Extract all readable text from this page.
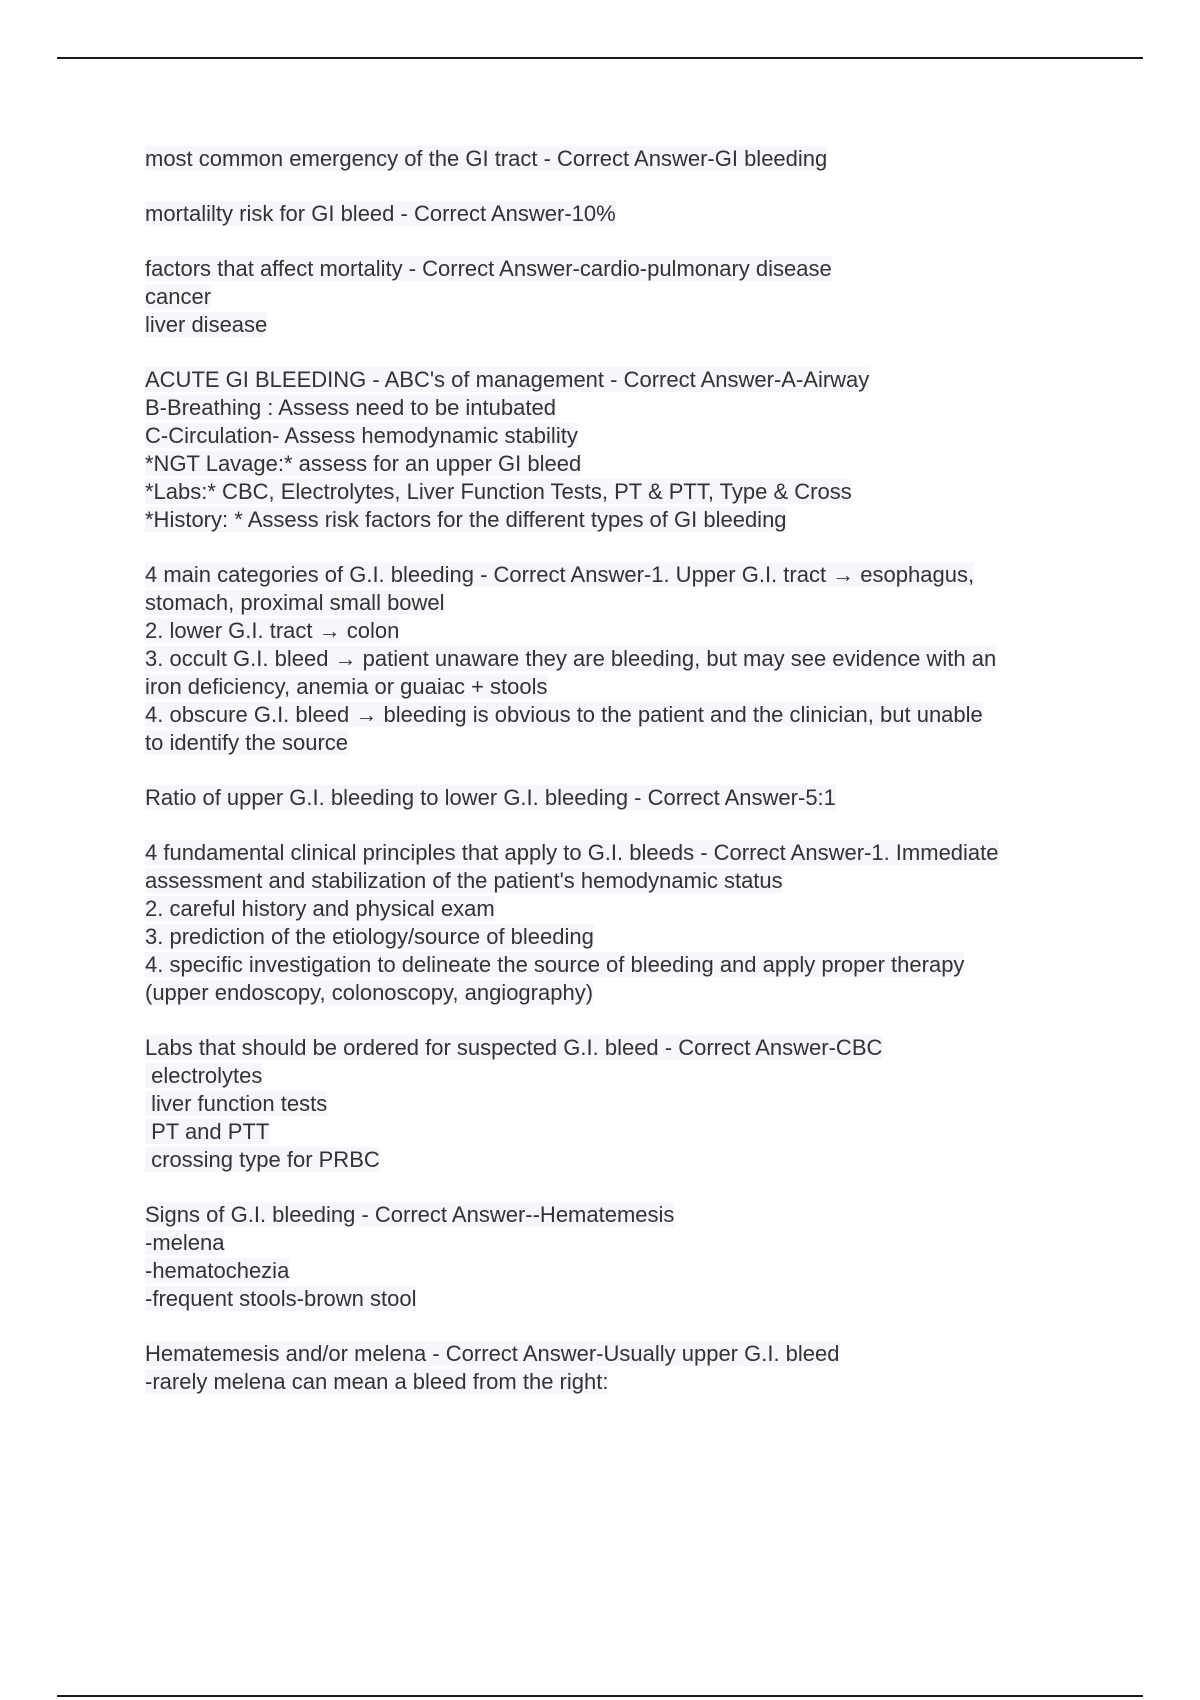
most common emergency of the GI tract - Correct Answer-GI bleeding
mortalilty risk for GI bleed - Correct Answer-10%
factors that affect mortality - Correct Answer-cardio-pulmonary disease
cancer
liver disease
ACUTE GI BLEEDING - ABC's of management - Correct Answer-A-Airway
B-Breathing : Assess need to be intubated
C-Circulation- Assess hemodynamic stability
*NGT Lavage:* assess for an upper GI bleed
*Labs:* CBC, Electrolytes, Liver Function Tests, PT & PTT, Type & Cross
*History: * Assess risk factors for the different types of GI bleeding
4 main categories of G.I. bleeding - Correct Answer-1. Upper G.I. tract → esophagus,
stomach, proximal small bowel
2. lower G.I. tract → colon
3. occult G.I. bleed → patient unaware they are bleeding, but may see evidence with an
iron deficiency, anemia or guaiac + stools
4. obscure G.I. bleed → bleeding is obvious to the patient and the clinician, but unable
to identify the source
Ratio of upper G.I. bleeding to lower G.I. bleeding - Correct Answer-5:1
4 fundamental clinical principles that apply to G.I. bleeds - Correct Answer-1. Immediate
assessment and stabilization of the patient's hemodynamic status
2. careful history and physical exam
3. prediction of the etiology/source of bleeding
4. specific investigation to delineate the source of bleeding and apply proper therapy
(upper endoscopy, colonoscopy, angiography)
Labs that should be ordered for suspected G.I. bleed - Correct Answer-CBC
electrolytes
liver function tests
PT and PTT
crossing type for PRBC
Signs of G.I. bleeding - Correct Answer--Hematemesis
-melena
-hematochezia
-frequent stools-brown stool
Hematemesis and/or melena - Correct Answer-Usually upper G.I. bleed
-rarely melena can mean a bleed from the right:
